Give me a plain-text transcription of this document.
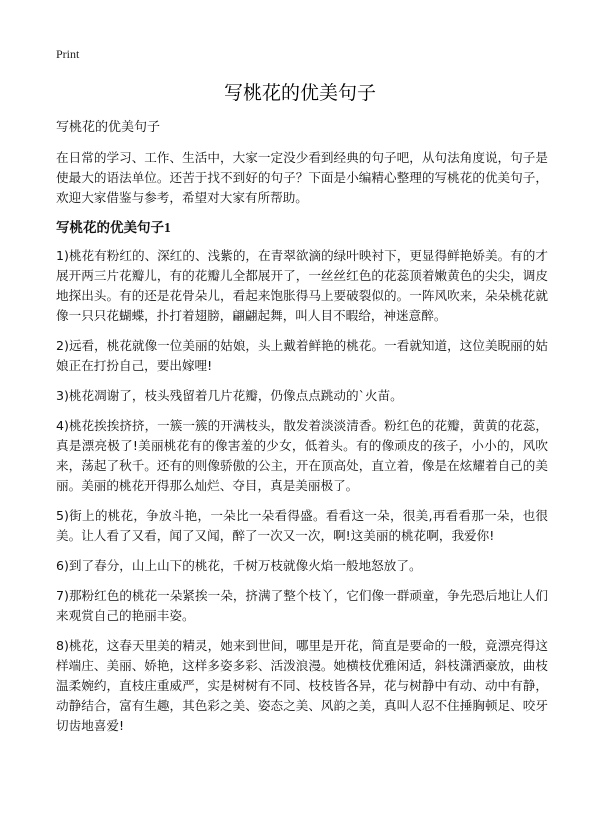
Print
写桃花的优美句子

写桃花的优美句子

在日常的学习、工作、生活中，大家一定没少看到经典的句子吧，从句法角度说，句子是使最大的语法单位。还苦于找不到好的句子？下面是小编精心整理的写桃花的优美句子，欢迎大家借鉴与参考，希望对大家有所帮助。

写桃花的优美句子1

1)桃花有粉红的、深红的、浅紫的，在青翠欲滴的绿叶映衬下，更显得鲜艳娇美。有的才展开两三片花瓣儿，有的花瓣儿全都展开了，一丝丝红色的花蕊顶着嫩黄色的尖尖，调皮地探出头。有的还是花骨朵儿，看起来饱胀得马上要破裂似的。一阵风吹来，朵朵桃花就像一只只花蝴蝶，扑打着翅膀，翩翩起舞，叫人目不暇给，神迷意醉。

2)远看，桃花就像一位美丽的姑娘，头上戴着鲜艳的桃花。一看就知道，这位美睨丽的姑娘正在打扮自己，要出嫁哩!

3)桃花凋谢了，枝头残留着几片花瓣，仍像点点跳动的`火苗。

4)桃花挨挨挤挤，一簇一簇的开满枝头，散发着淡淡清香。粉红色的花瓣，黄黄的花蕊，真是漂亮极了!美丽桃花有的像害羞的少女，低着头。有的像顽皮的孩子，小小的，风吹来，荡起了秋千。还有的则像骄傲的公主，开在顶高处，直立着，像是在炫耀着自己的美丽。美丽的桃花开得那么灿烂、夺目，真是美丽极了。

5)街上的桃花，争放斗艳，一朵比一朵看得盛。看看这一朵，很美,再看看那一朵，也很美。让人看了又看，闻了又闻，醉了一次又一次，啊!这美丽的桃花啊，我爱你!

6)到了春分，山上山下的桃花，千树万枝就像火焰一般地怒放了。

7)那粉红色的桃花一朵紧挨一朵，挤满了整个枝丫，它们像一群顽童，争先恐后地让人们来观赏自己的艳丽丰姿。

8)桃花，这春天里美的精灵，她来到世间，哪里是开花，简直是要命的一般，竟漂亮得这样端庄、美丽、娇艳，这样多姿多彩、活泼浪漫。她横枝优雅闲适，斜枝潇洒豪放，曲枝温柔婉约，直枝庄重威严，实是树树有不同、枝枝皆各异，花与树静中有动、动中有静，动静结合，富有生趣，其色彩之美、姿态之美、风韵之美，真叫人忍不住捶胸顿足、咬牙切齿地喜爱!
